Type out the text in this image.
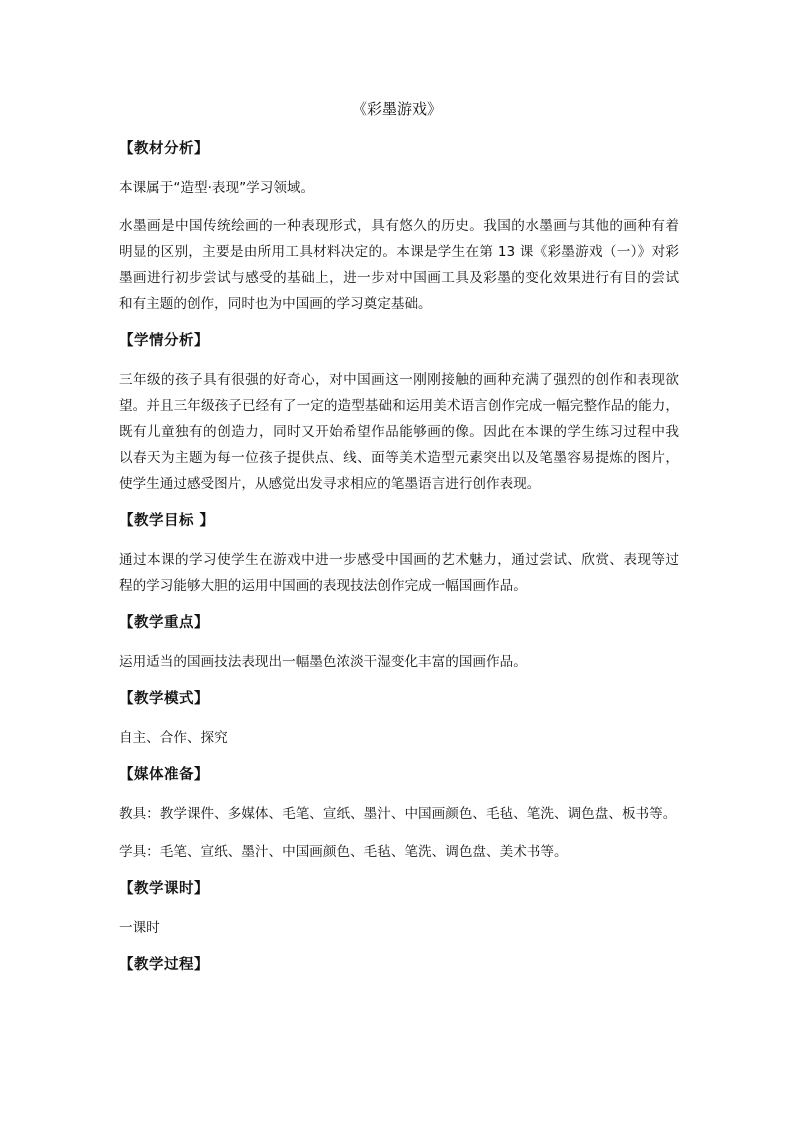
《彩墨游戏》
【教材分析】

本课属于“造型·表现”学习领域。

水墨画是中国传统绘画的一种表现形式，具有悠久的历史。我国的水墨画与其他的画种有着
明显的区别，主要是由所用工具材料决定的。本课是学生在第 13 课《彩墨游戏（一）》对彩
墨画进行初步尝试与感受的基础上，进一步对中国画工具及彩墨的变化效果进行有目的尝试
和有主题的创作，同时也为中国画的学习奠定基础。

【学情分析】

三年级的孩子具有很强的好奇心，对中国画这一刚刚接触的画种充满了强烈的创作和表现欲
望。并且三年级孩子已经有了一定的造型基础和运用美术语言创作完成一幅完整作品的能力，
既有儿童独有的创造力，同时又开始希望作品能够画的像。因此在本课的学生练习过程中我
以春天为主题为每一位孩子提供点、线、面等美术造型元素突出以及笔墨容易提炼的图片，
使学生通过感受图片，从感觉出发寻求相应的笔墨语言进行创作表现。

【教学目标 】

通过本课的学习使学生在游戏中进一步感受中国画的艺术魅力，通过尝试、欣赏、表现等过
程的学习能够大胆的运用中国画的表现技法创作完成一幅国画作品。

【教学重点】

运用适当的国画技法表现出一幅墨色浓淡干湿变化丰富的国画作品。

【教学模式】

自主、合作、探究

【媒体准备】

教具：教学课件、多媒体、毛笔、宣纸、墨汁、中国画颜色、毛毡、笔洗、调色盘、板书等。

学具：毛笔、宣纸、墨汁、中国画颜色、毛毡、笔洗、调色盘、美术书等。

【教学课时】

一课时

【教学过程】
